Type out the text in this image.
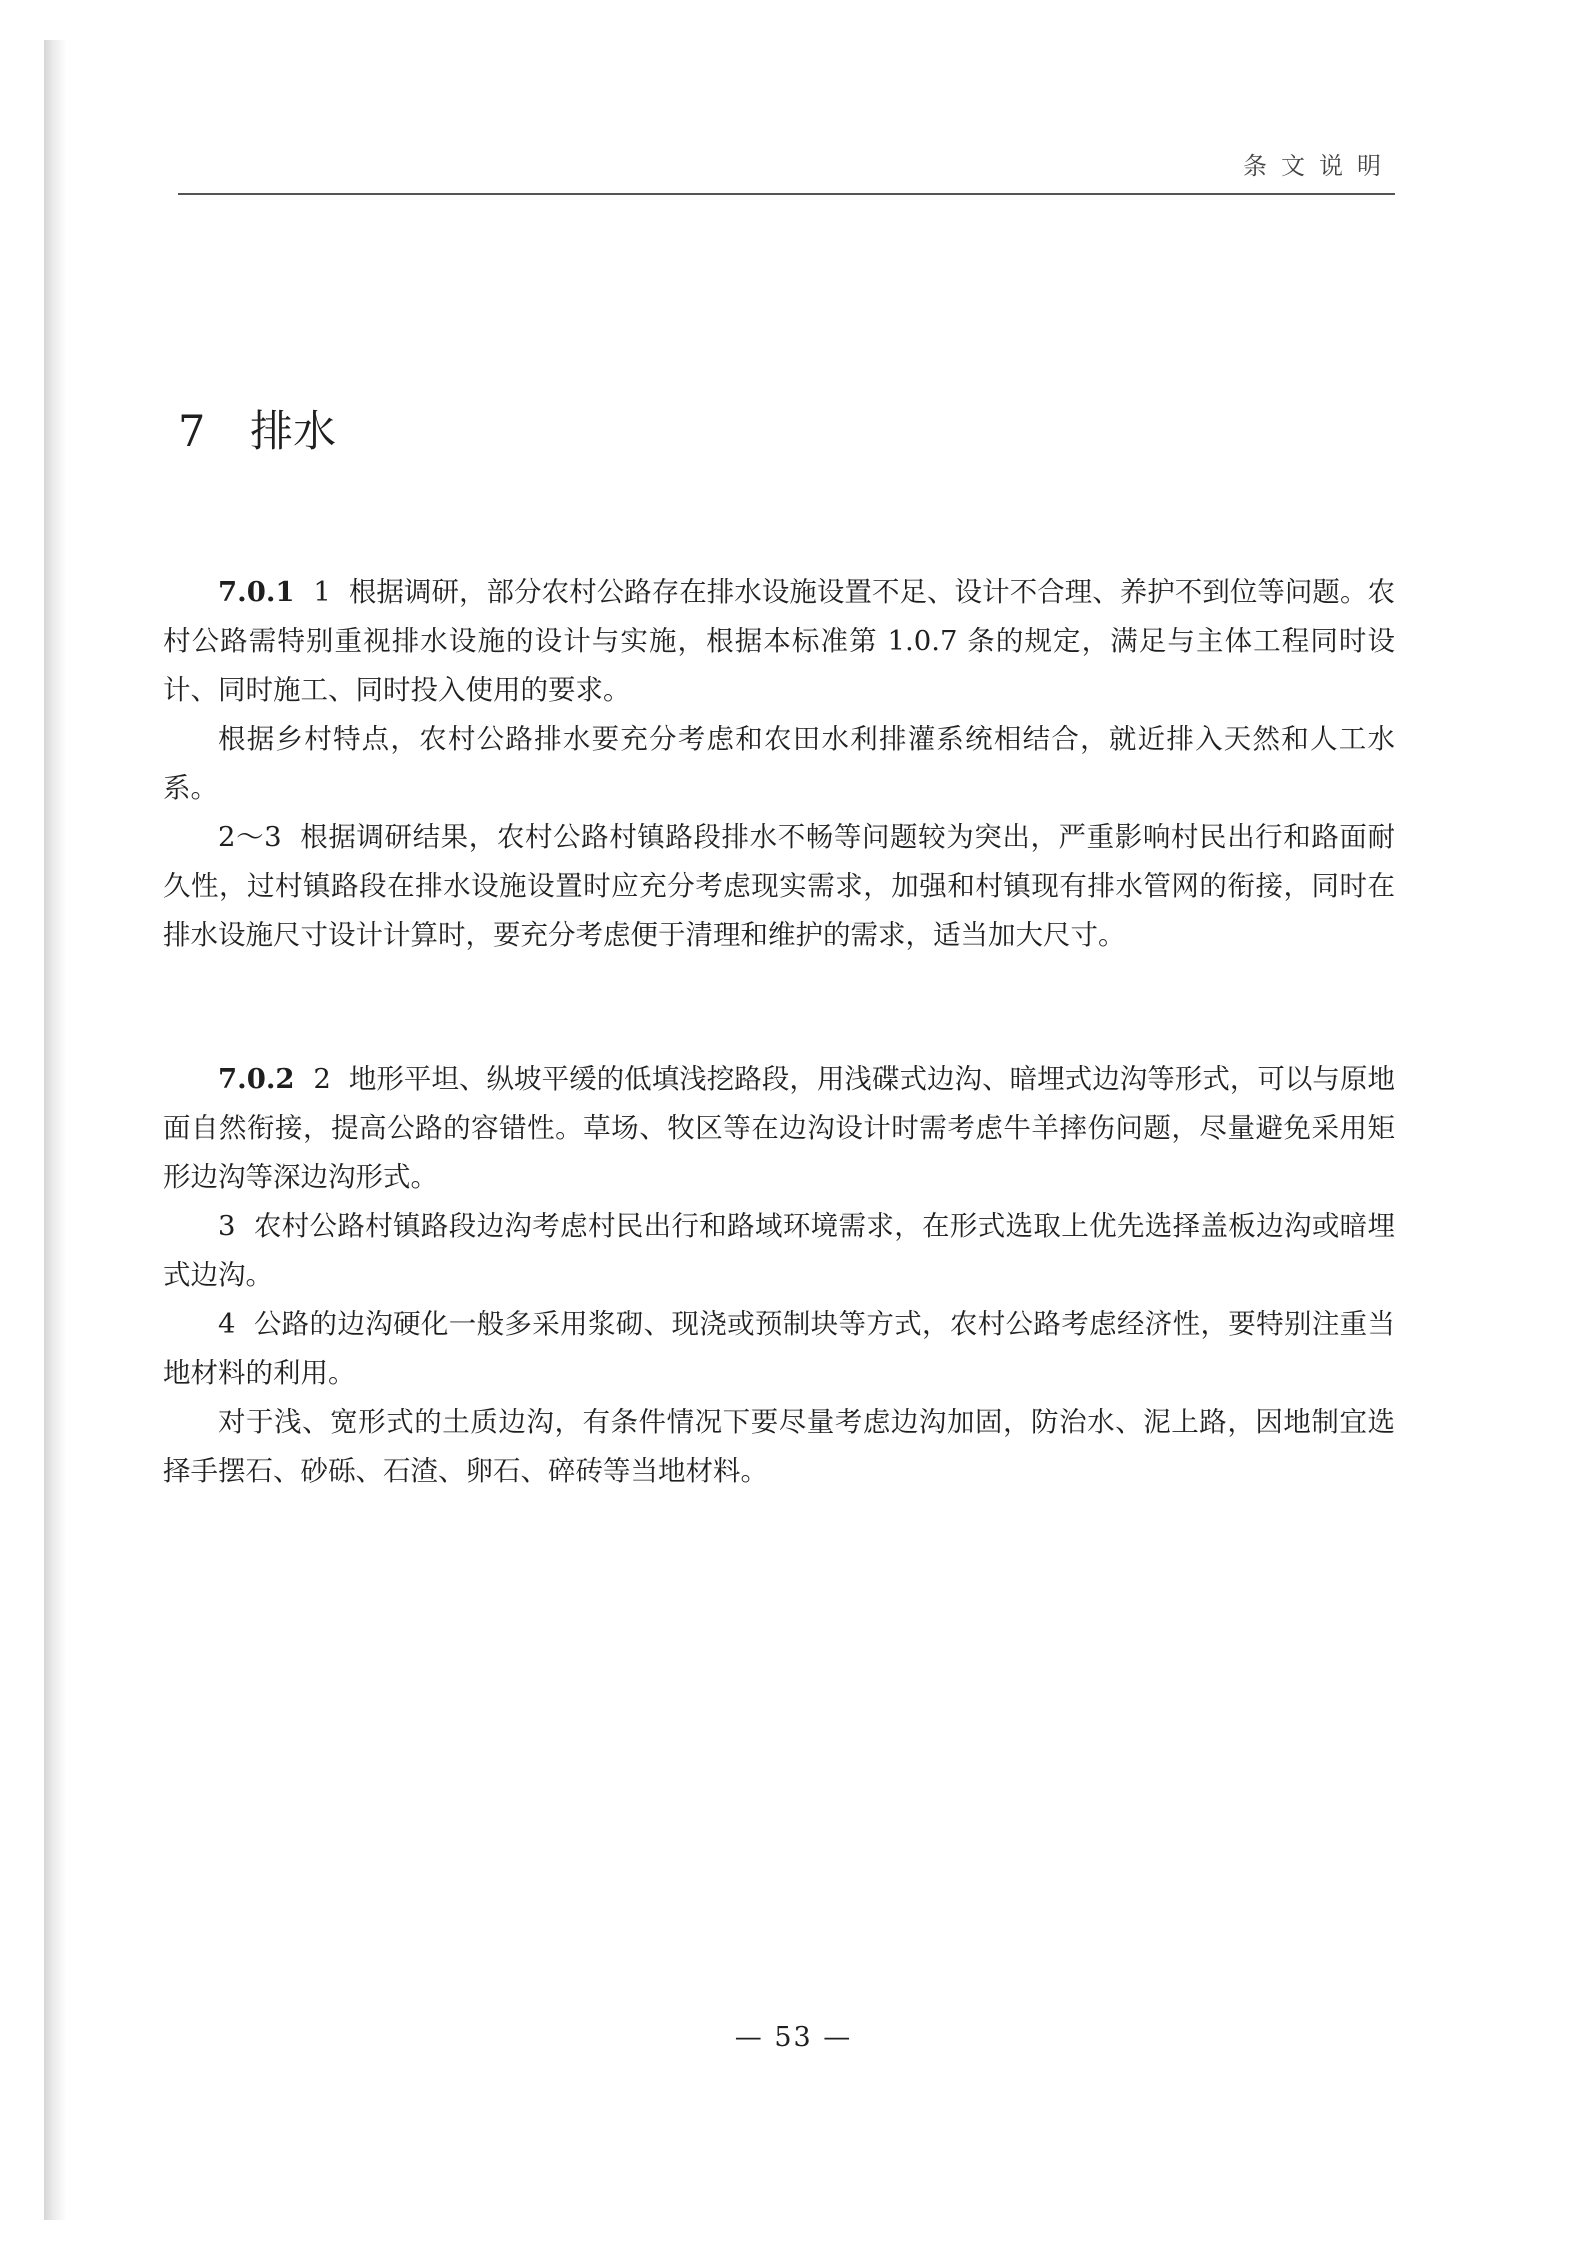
条文说明
7 排水

7.0.1 1 根据调研，部分农村公路存在排水设施设置不足、设计不合理、养护不到位等问题。农村公路需特别重视排水设施的设计与实施，根据本标准第 1.0.7 条的规定，满足与主体工程同时设计、同时施工、同时投入使用的要求。

根据乡村特点，农村公路排水要充分考虑和农田水利排灌系统相结合，就近排入天然和人工水系。

2～3 根据调研结果，农村公路村镇路段排水不畅等问题较为突出，严重影响村民出行和路面耐久性，过村镇路段在排水设施设置时应充分考虑现实需求，加强和村镇现有排水管网的衔接，同时在排水设施尺寸设计计算时，要充分考虑便于清理和维护的需求，适当加大尺寸。

7.0.2 2 地形平坦、纵坡平缓的低填浅挖路段，用浅碟式边沟、暗埋式边沟等形式，可以与原地面自然衔接，提高公路的容错性。草场、牧区等在边沟设计时需考虑牛羊摔伤问题，尽量避免采用矩形边沟等深边沟形式。

3 农村公路村镇路段边沟考虑村民出行和路域环境需求，在形式选取上优先选择盖板边沟或暗埋式边沟。

4 公路的边沟硬化一般多采用浆砌、现浇或预制块等方式，农村公路考虑经济性，要特别注重当地材料的利用。

对于浅、宽形式的土质边沟，有条件情况下要尽量考虑边沟加固，防治水、泥上路，因地制宜选择手摆石、砂砾、石渣、卵石、碎砖等当地材料。

— 53 —
